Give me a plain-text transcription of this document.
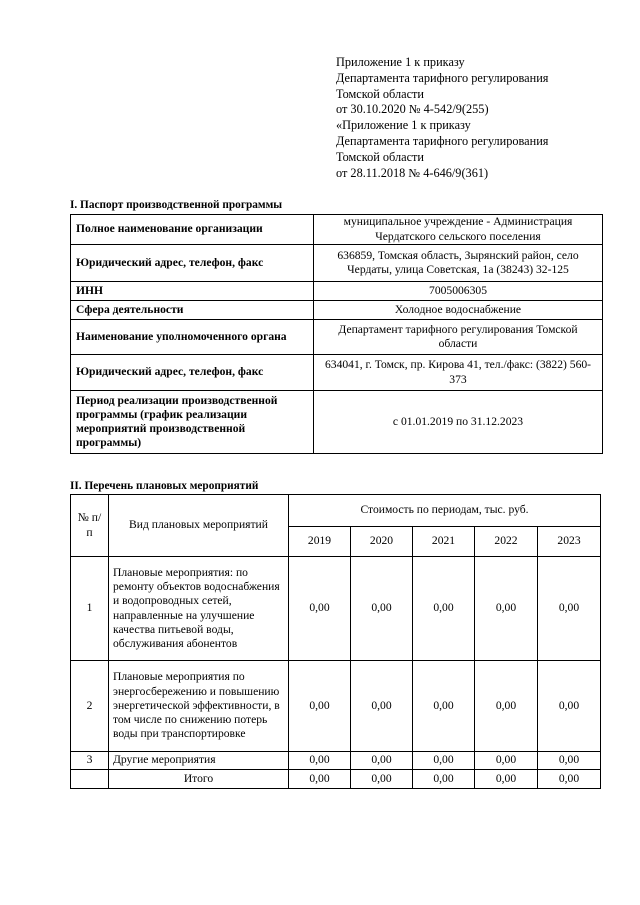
Приложение 1 к приказу
Департамента тарифного регулирования
Томской области
от 30.10.2020 № 4-542/9(255)
«Приложение 1 к приказу
Департамента тарифного регулирования
Томской области
от 28.11.2018 № 4-646/9(361)
I. Паспорт производственной программы
Полное наименование организации	муниципальное учреждение - Администрация Чердатского сельского поселения
Юридический адрес, телефон, факс	636859, Томская область, Зырянский район, село Чердаты, улица Советская, 1а (38243) 32-125
ИНН	7005006305
Сфера деятельности	Холодное водоснабжение
Наименование уполномоченного органа	Департамент тарифного регулирования Томской области
Юридический адрес, телефон, факс	634041, г. Томск, пр. Кирова 41, тел./факс: (3822) 560-373
Период реализации производственной программы (график реализации мероприятий производственной программы)	с 01.01.2019 по 31.12.2023
II. Перечень плановых мероприятий
№ п/п	Вид плановых мероприятий	Стоимость по периодам, тыс. руб.				
		2019	2020	2021	2022	2023
1	Плановые мероприятия: по ремонту объектов водоснабжения и водопроводных сетей, направленные на улучшение качества питьевой воды, обслуживания абонентов	0,00	0,00	0,00	0,00	0,00
2	Плановые мероприятия по энергосбережению и повышению энергетической эффективности, в том числе по снижению потерь воды при транспортировке	0,00	0,00	0,00	0,00	0,00
3	Другие мероприятия	0,00	0,00	0,00	0,00	0,00
	Итого	0,00	0,00	0,00	0,00	0,00
